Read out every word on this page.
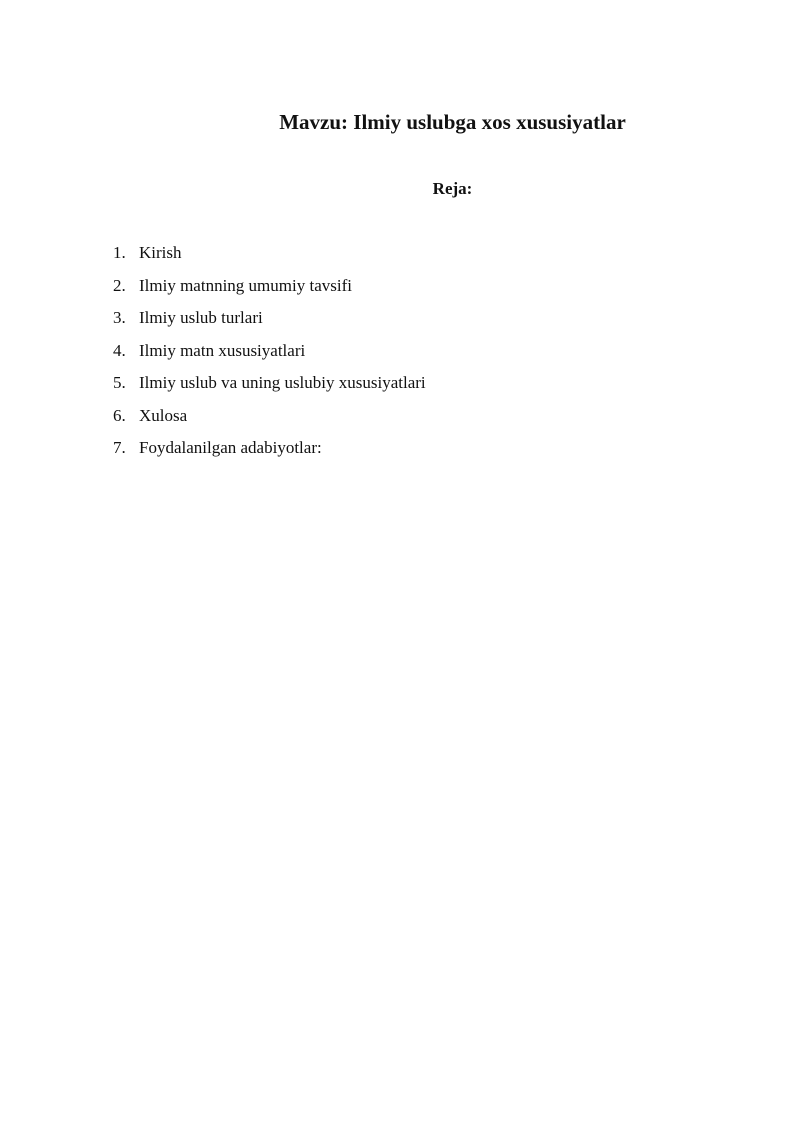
Mavzu: Ilmiy uslubga xos xususiyatlar
Reja:
1. Kirish
2. Ilmiy matnning umumiy tavsifi
3. Ilmiy uslub turlari
4. Ilmiy matn xususiyatlari
5. Ilmiy uslub va uning uslubiy xususiyatlari
6. Xulosa
7. Foydalanilgan adabiyotlar:
